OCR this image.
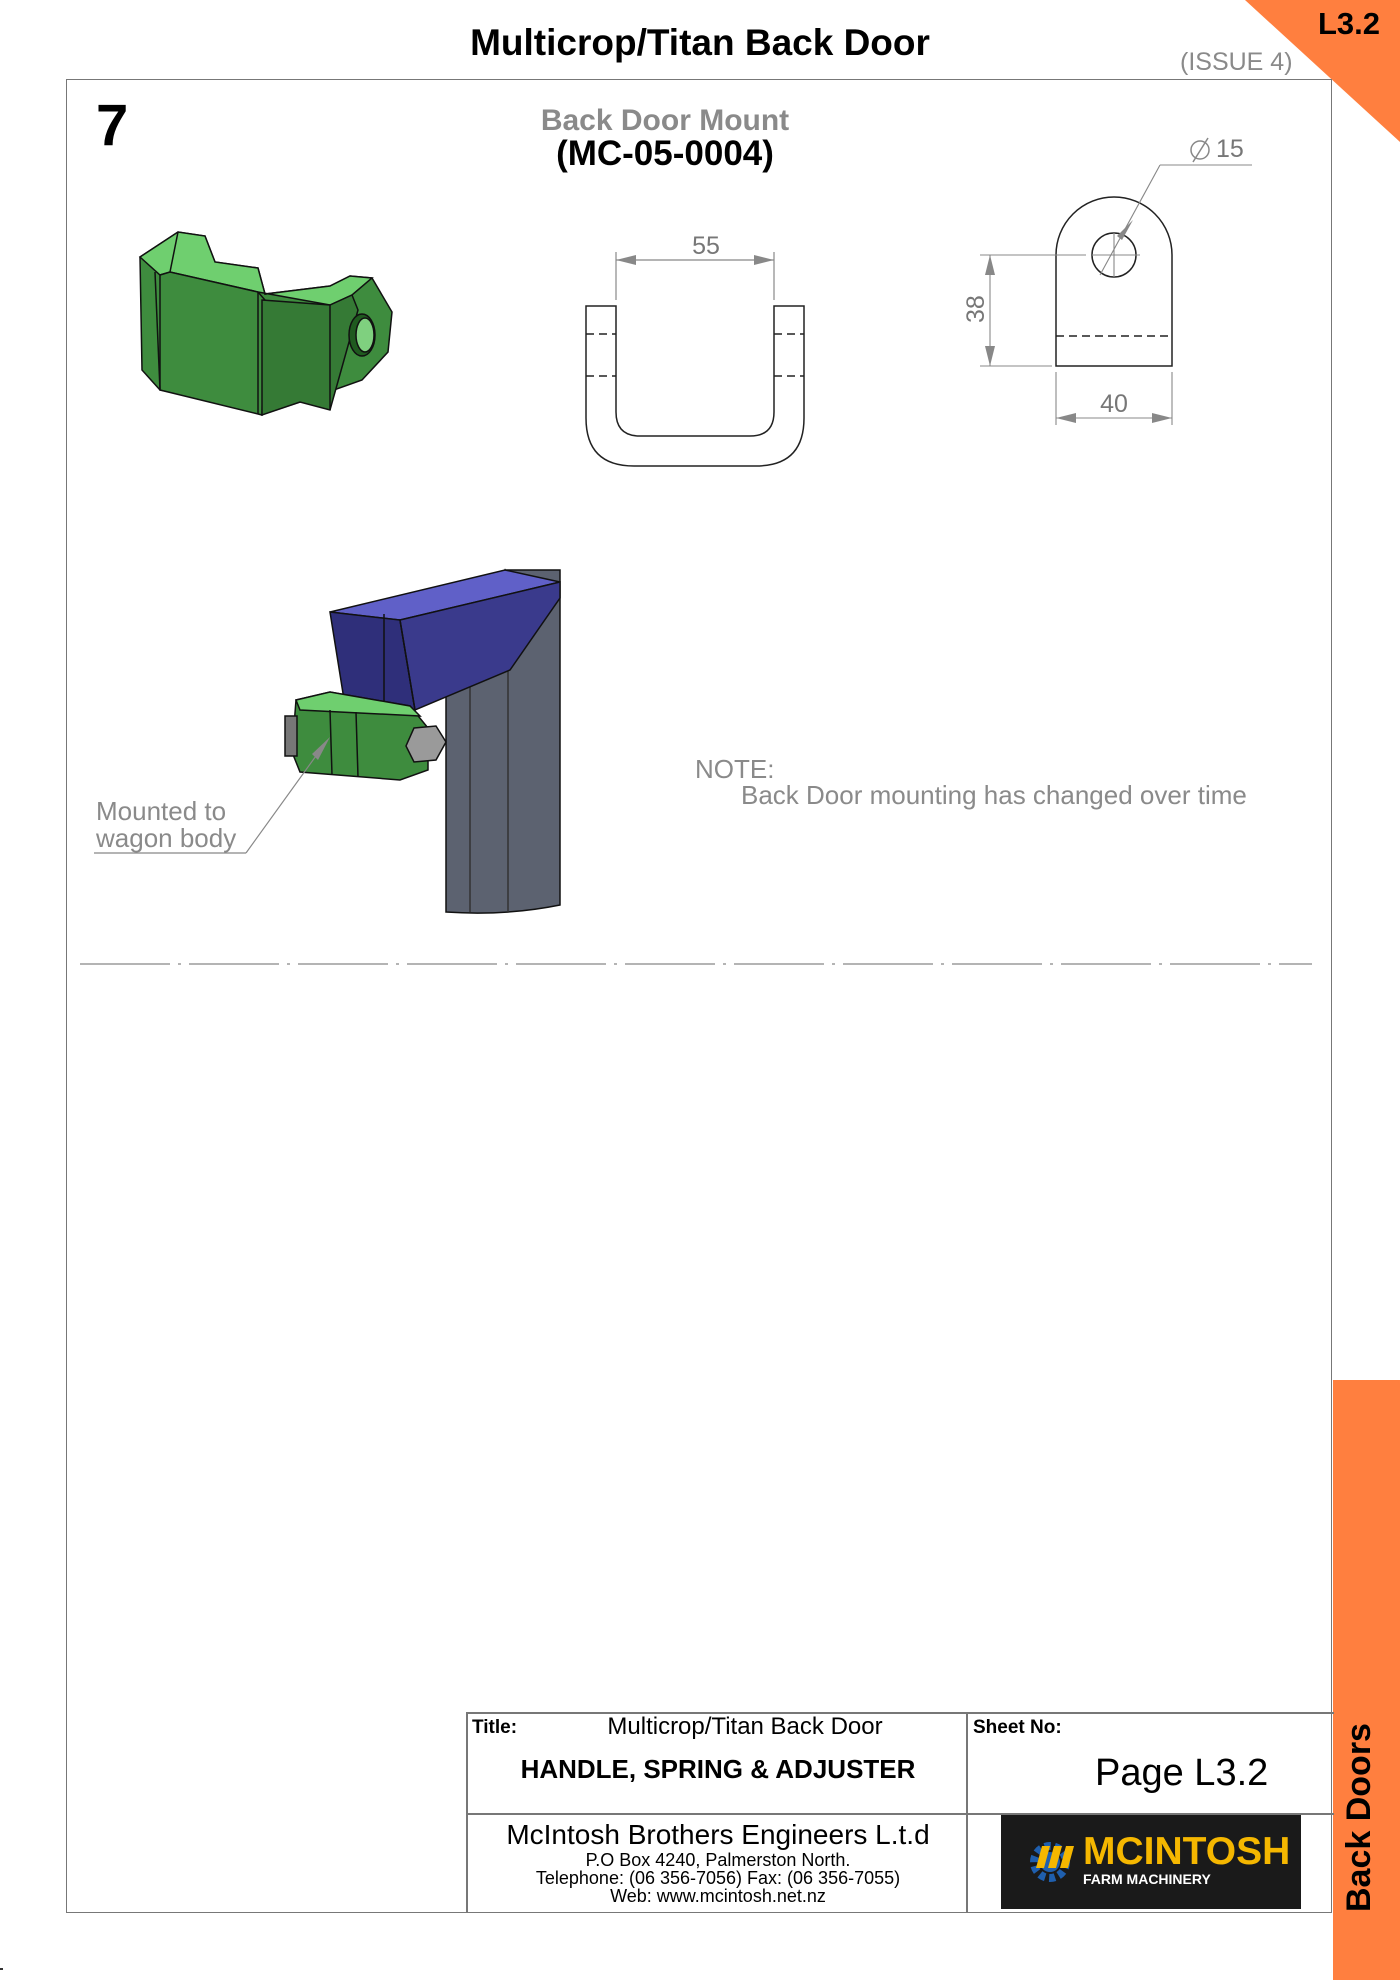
L3.2
Multicrop/Titan Back Door	(ISSUE 4)
Back Doors
7	Back Door Mount
(MC-05-0004)
55
15
38
40
Mounted to
wagon body
NOTE:
Back Door mounting has changed over time
Title:	Multicrop/Titan Back Door
HANDLE, SPRING & ADJUSTER
Sheet No:
Page L3.2
McIntosh Brothers Engineers L.t.d
P.O Box 4240, Palmerston North.
Telephone: (06 356-7056) Fax: (06 356-7055)
Web: www.mcintosh.net.nz
MCINTOSH
FARM MACHINERY
